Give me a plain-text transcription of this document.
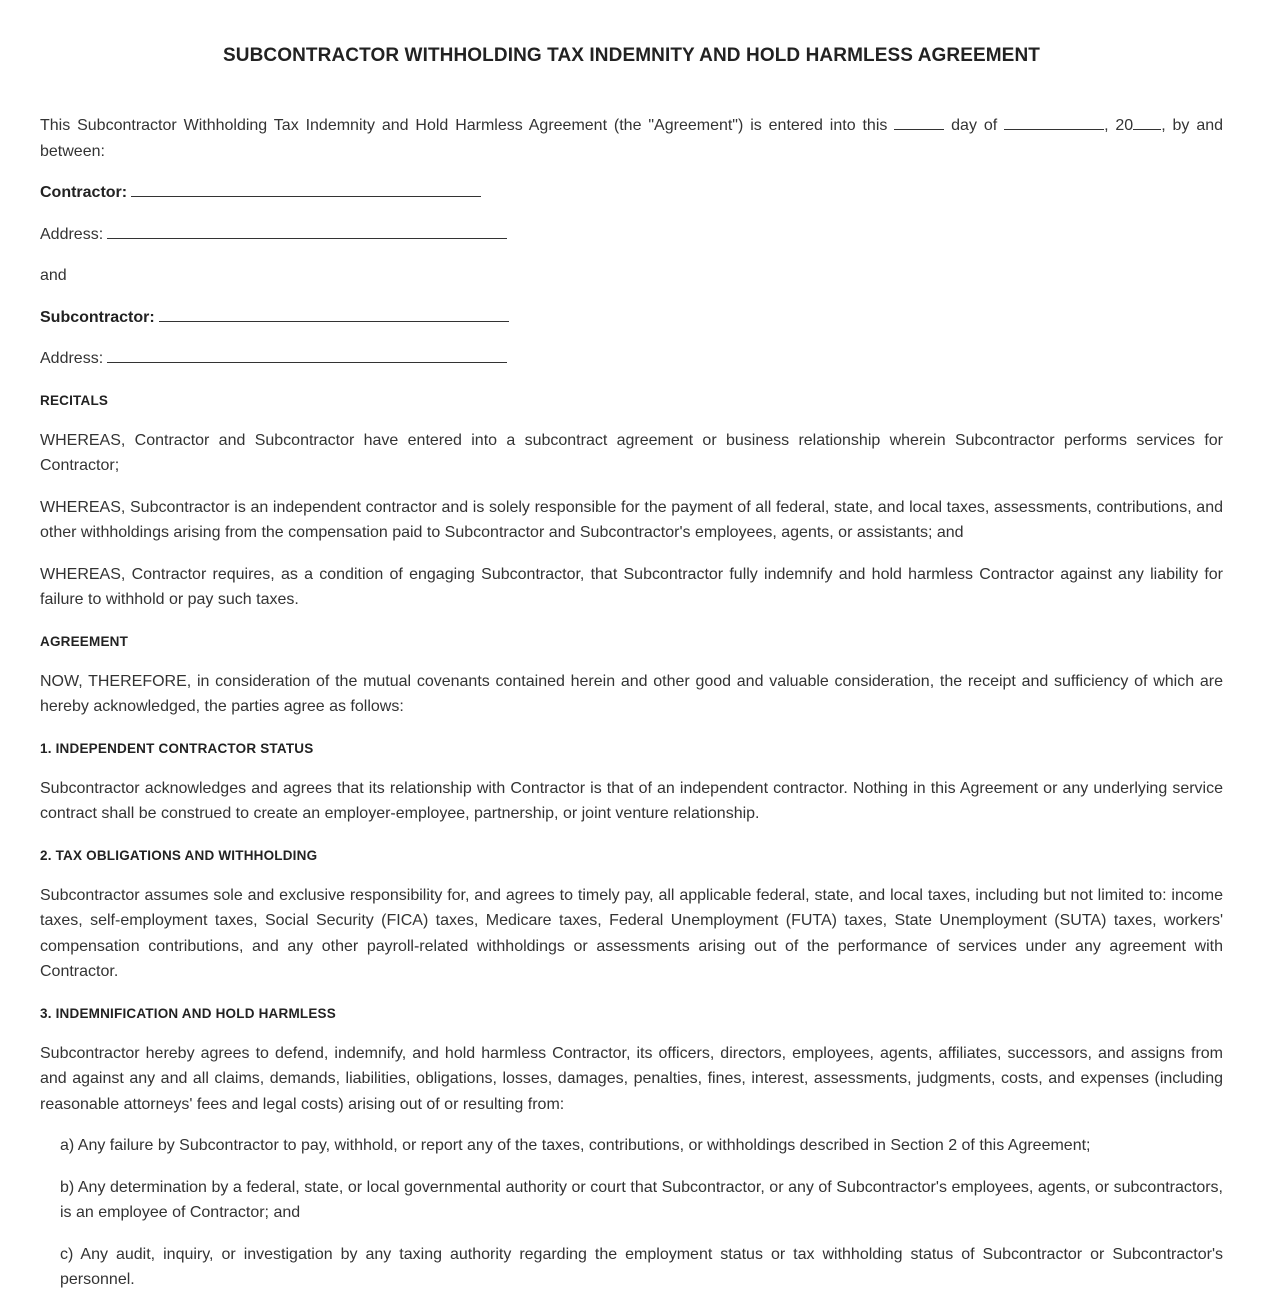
SUBCONTRACTOR WITHHOLDING TAX INDEMNITY AND HOLD HARMLESS AGREEMENT

This Subcontractor Withholding Tax Indemnity and Hold Harmless Agreement (the "Agreement") is entered into this	day of	, 20 , by and between:

Contractor:
Address:
and
Subcontractor:
Address:
RECITALS

WHEREAS, Contractor and Subcontractor have entered into a subcontract agreement or business relationship wherein Subcontractor performs services for Contractor;

WHEREAS, Subcontractor is an independent contractor and is solely responsible for the payment of all federal, state, and local taxes, assessments, contributions, and other withholdings arising from the compensation paid to Subcontractor and Subcontractor's employees, agents, or assistants; and

WHEREAS, Contractor requires, as a condition of engaging Subcontractor, that Subcontractor fully indemnify and hold harmless Contractor against any liability for failure to withhold or pay such taxes.

AGREEMENT

NOW, THEREFORE, in consideration of the mutual covenants contained herein and other good and valuable consideration, the receipt and sufficiency of which are hereby acknowledged, the parties agree as follows:

1. INDEPENDENT CONTRACTOR STATUS

Subcontractor acknowledges and agrees that its relationship with Contractor is that of an independent contractor. Nothing in this Agreement or any underlying service contract shall be construed to create an employer-employee, partnership, or joint venture relationship.

2. TAX OBLIGATIONS AND WITHHOLDING

Subcontractor assumes sole and exclusive responsibility for, and agrees to timely pay, all applicable federal, state, and local taxes, including but not limited to: income taxes, self-employment taxes, Social Security (FICA) taxes, Medicare taxes, Federal Unemployment (FUTA) taxes, State Unemployment (SUTA) taxes, workers' compensation contributions, and any other payroll-related withholdings or assessments arising out of the performance of services under any agreement with Contractor.

3. INDEMNIFICATION AND HOLD HARMLESS

Subcontractor hereby agrees to defend, indemnify, and hold harmless Contractor, its officers, directors, employees, agents, affiliates, successors, and assigns from and against any and all claims, demands, liabilities, obligations, losses, damages, penalties, fines, interest, assessments, judgments, costs, and expenses (including reasonable attorneys' fees and legal costs) arising out of or resulting from:

a) Any failure by Subcontractor to pay, withhold, or report any of the taxes, contributions, or withholdings described in Section 2 of this Agreement;

b) Any determination by a federal, state, or local governmental authority or court that Subcontractor, or any of Subcontractor's employees, agents, or subcontractors, is an employee of Contractor; and

c) Any audit, inquiry, or investigation by any taxing authority regarding the employment status or tax withholding status of Subcontractor or Subcontractor's personnel.
